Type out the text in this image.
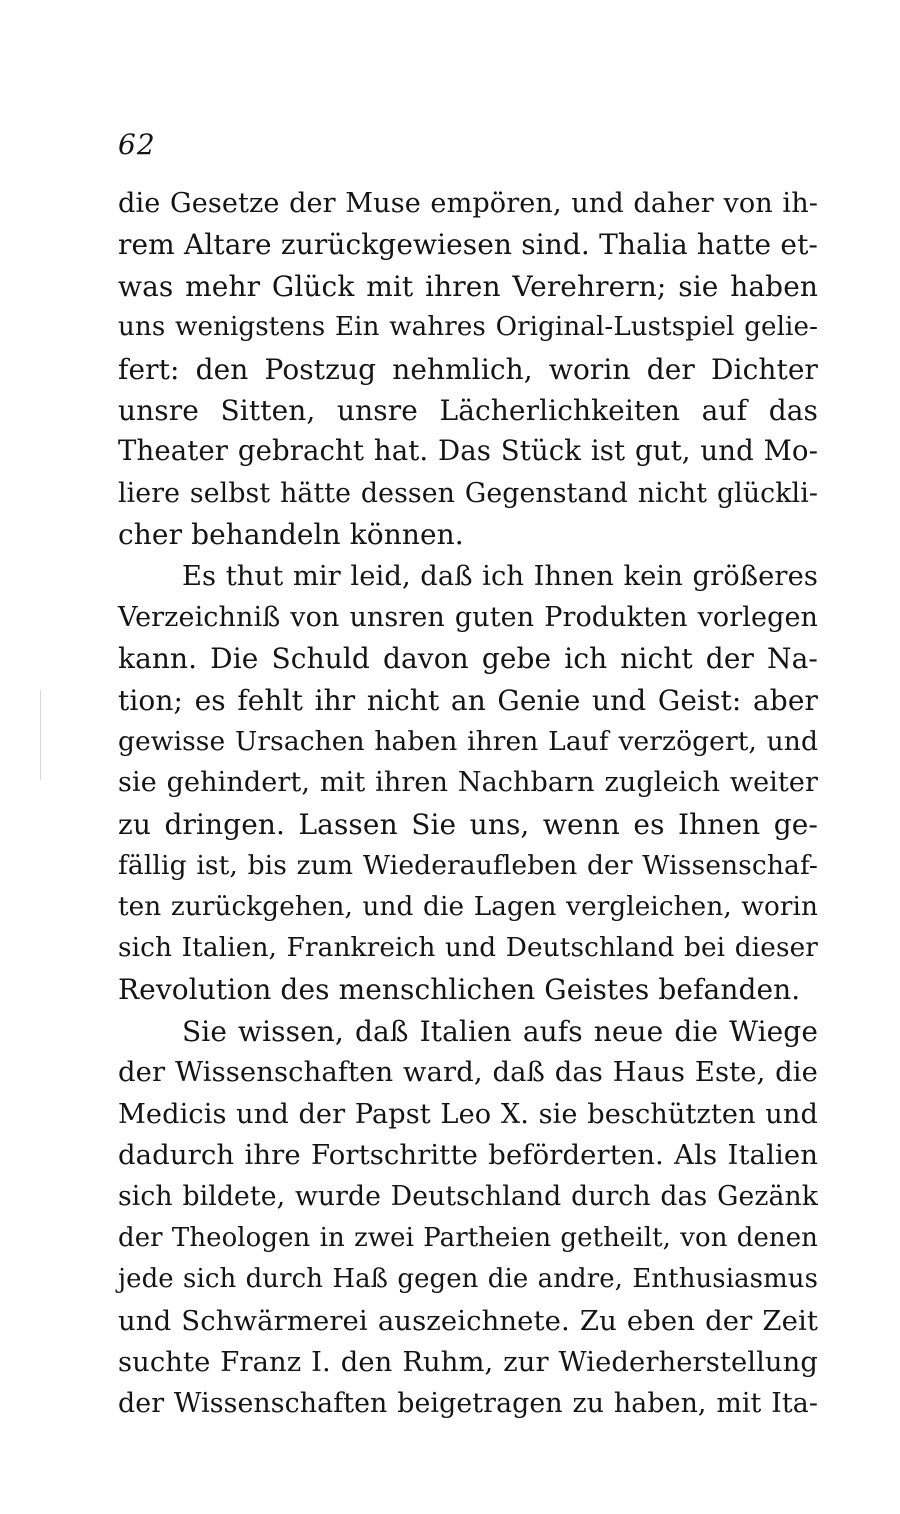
62
die Gesetze der Muse empören, und daher von ih-
rem Altare zurückgewiesen sind. Thalia hatte et-
was mehr Glück mit ihren Verehrern; sie haben
uns wenigstens Ein wahres Original-Lustspiel gelie-
fert: den Postzug nehmlich, worin der Dichter
unsre Sitten, unsre Lächerlichkeiten auf das
Theater gebracht hat. Das Stück ist gut, und Mo-
liere selbst hätte dessen Gegenstand nicht glückli-
cher behandeln können.
Es thut mir leid, daß ich Ihnen kein größeres
Verzeichniß von unsren guten Produkten vorlegen
kann. Die Schuld davon gebe ich nicht der Na-
tion; es fehlt ihr nicht an Genie und Geist: aber
gewisse Ursachen haben ihren Lauf verzögert, und
sie gehindert, mit ihren Nachbarn zugleich weiter
zu dringen. Lassen Sie uns, wenn es Ihnen ge-
fällig ist, bis zum Wiederaufleben der Wissenschaf-
ten zurückgehen, und die Lagen vergleichen, worin
sich Italien, Frankreich und Deutschland bei dieser
Revolution des menschlichen Geistes befanden.
Sie wissen, daß Italien aufs neue die Wiege
der Wissenschaften ward, daß das Haus Este, die
Medicis und der Papst Leo X. sie beschützten und
dadurch ihre Fortschritte beförderten. Als Italien
sich bildete, wurde Deutschland durch das Gezänk
der Theologen in zwei Partheien getheilt, von denen
jede sich durch Haß gegen die andre, Enthusiasmus
und Schwärmerei auszeichnete. Zu eben der Zeit
suchte Franz I. den Ruhm, zur Wiederherstellung
der Wissenschaften beigetragen zu haben, mit Ita-
